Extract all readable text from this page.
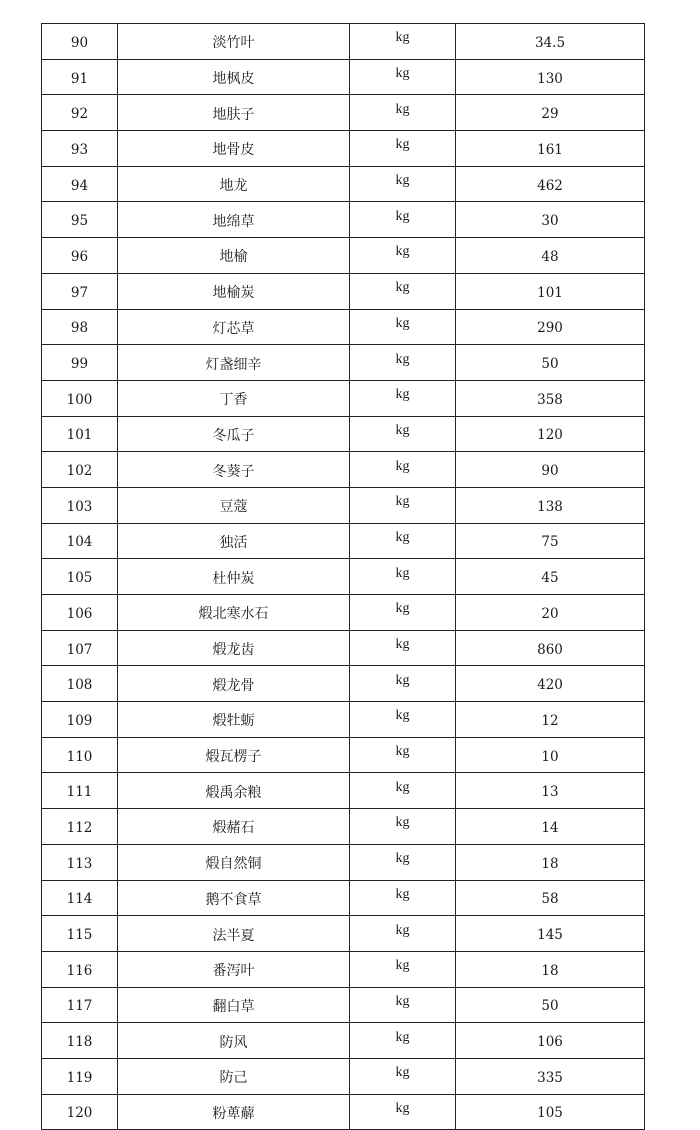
90	淡竹叶	kg	34.5
91	地枫皮	kg	130
92	地肤子	kg	29
93	地骨皮	kg	161
94	地龙	kg	462
95	地绵草	kg	30
96	地榆	kg	48
97	地榆炭	kg	101
98	灯芯草	kg	290
99	灯盏细辛	kg	50
100	丁香	kg	358
101	冬瓜子	kg	120
102	冬葵子	kg	90
103	豆蔻	kg	138
104	独活	kg	75
105	杜仲炭	kg	45
106	煅北寒水石	kg	20
107	煅龙齿	kg	860
108	煅龙骨	kg	420
109	煅牡蛎	kg	12
110	煅瓦楞子	kg	10
111	煅禹余粮	kg	13
112	煅赭石	kg	14
113	煅自然铜	kg	18
114	鹅不食草	kg	58
115	法半夏	kg	145
116	番泻叶	kg	18
117	翻白草	kg	50
118	防风	kg	106
119	防己	kg	335
120	粉萆薢	kg	105
